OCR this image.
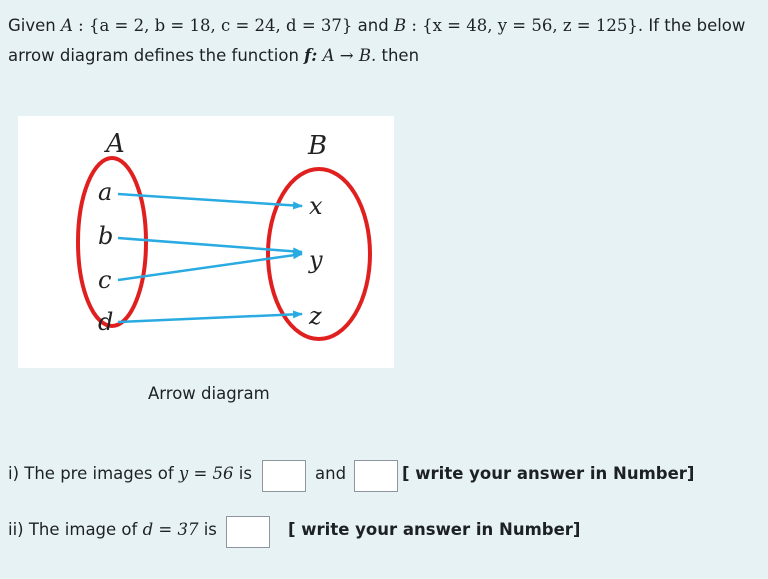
Given A : {a = 2, b = 18, c = 24, d = 37} and B : {x = 48, y = 56, z = 125}. If the below
arrow diagram defines the function f: A → B. then
A	B
a
b
c
d
x
y
z
Arrow diagram
i) The pre images of y = 56 is	and	[ write your answer in Number]
ii) The image of d = 37 is	[ write your answer in Number]
